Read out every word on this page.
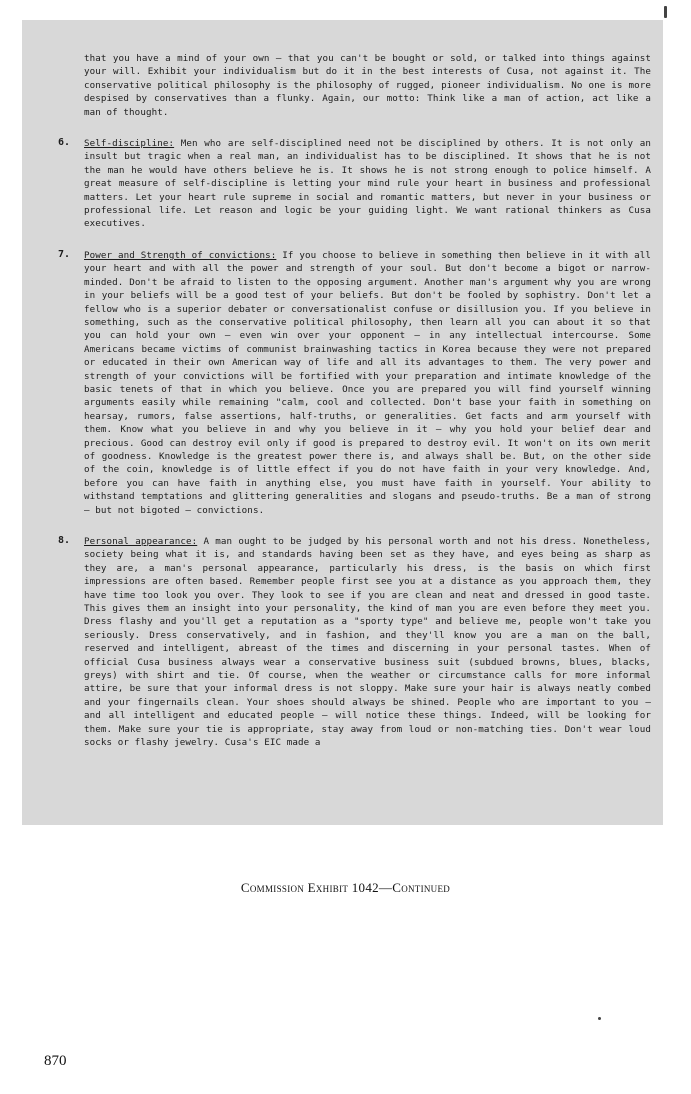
that you have a mind of your own — that you can't be bought or sold, or talked into things against your will. Exhibit your individualism but do it in the best interests of Cusa, not against it. The conservative political philosophy is the philosophy of rugged, pioneer individualism. No one is more despised by conservatives than a flunky. Again, our motto: Think like a man of action, act like a man of thought.

6. Self-discipline: Men who are self-disciplined need not be disciplined by others. It is not only an insult but tragic when a real man, an individualist has to be disciplined. It shows that he is not the man he would have others believe he is. It shows he is not strong enough to police himself. A great measure of self-discipline is letting your mind rule your heart in business and professional matters. Let your heart rule supreme in social and romantic matters, but never in your business or professional life. Let reason and logic be your guiding light. We want rational thinkers as Cusa executives.

7. Power and Strength of convictions: If you choose to believe in something then believe in it with all your heart and with all the power and strength of your soul. But don't become a bigot or narrow-minded. Don't be afraid to listen to the opposing argument. Another man's argument why you are wrong in your beliefs will be a good test of your beliefs. But don't be fooled by sophistry. Don't let a fellow who is a superior debater or conversationalist confuse or disillusion you. If you believe in something, such as the conservative political philosophy, then learn all you can about it so that you can hold your own — even win over your opponent — in any intellectual intercourse. Some Americans became victims of communist brainwashing tactics in Korea because they were not prepared or educated in their own American way of life and all its advantages to them. The very power and strength of your convictions will be fortified with your preparation and intimate knowledge of the basic tenets of that in which you believe. Once you are prepared you will find yourself winning arguments easily while remaining "calm, cool and collected. Don't base your faith in something on hearsay, rumors, false assertions, half-truths, or generalities. Get facts and arm yourself with them. Know what you believe in and why you believe in it — why you hold your belief dear and precious. Good can destroy evil only if good is prepared to destroy evil. It won't on its own merit of goodness. Knowledge is the greatest power there is, and always shall be. But, on the other side of the coin, knowledge is of little effect if you do not have faith in your very knowledge. And, before you can have faith in anything else, you must have faith in yourself. Your ability to withstand temptations and glittering generalities and slogans and pseudo-truths. Be a man of strong — but not bigoted — convictions.

8. Personal appearance: A man ought to be judged by his personal worth and not his dress. Nonetheless, society being what it is, and standards having been set as they have, and eyes being as sharp as they are, a man's personal appearance, particularly his dress, is the basis on which first impressions are often based. Remember people first see you at a distance as you approach them, they have time too look you over. They look to see if you are clean and neat and dressed in good taste. This gives them an insight into your personality, the kind of man you are even before they meet you. Dress flashy and you'll get a reputation as a "sporty type" and believe me, people won't take you seriously. Dress conservatively, and in fashion, and they'll know you are a man on the ball, reserved and intelligent, abreast of the times and discerning in your personal tastes. When of official Cusa business always wear a conservative business suit (subdued browns, blues, blacks, greys) with shirt and tie. Of course, when the weather or circumstance calls for more informal attire, be sure that your informal dress is not sloppy. Make sure your hair is always neatly combed and your fingernails clean. Your shoes should always be shined. People who are important to you — and all intelligent and educated people — will notice these things. Indeed, will be looking for them. Make sure your tie is appropriate, stay away from loud or non-matching ties. Don't wear loud socks or flashy jewelry. Cusa's EIC made a

Commission Exhibit 1042—Continued
870
